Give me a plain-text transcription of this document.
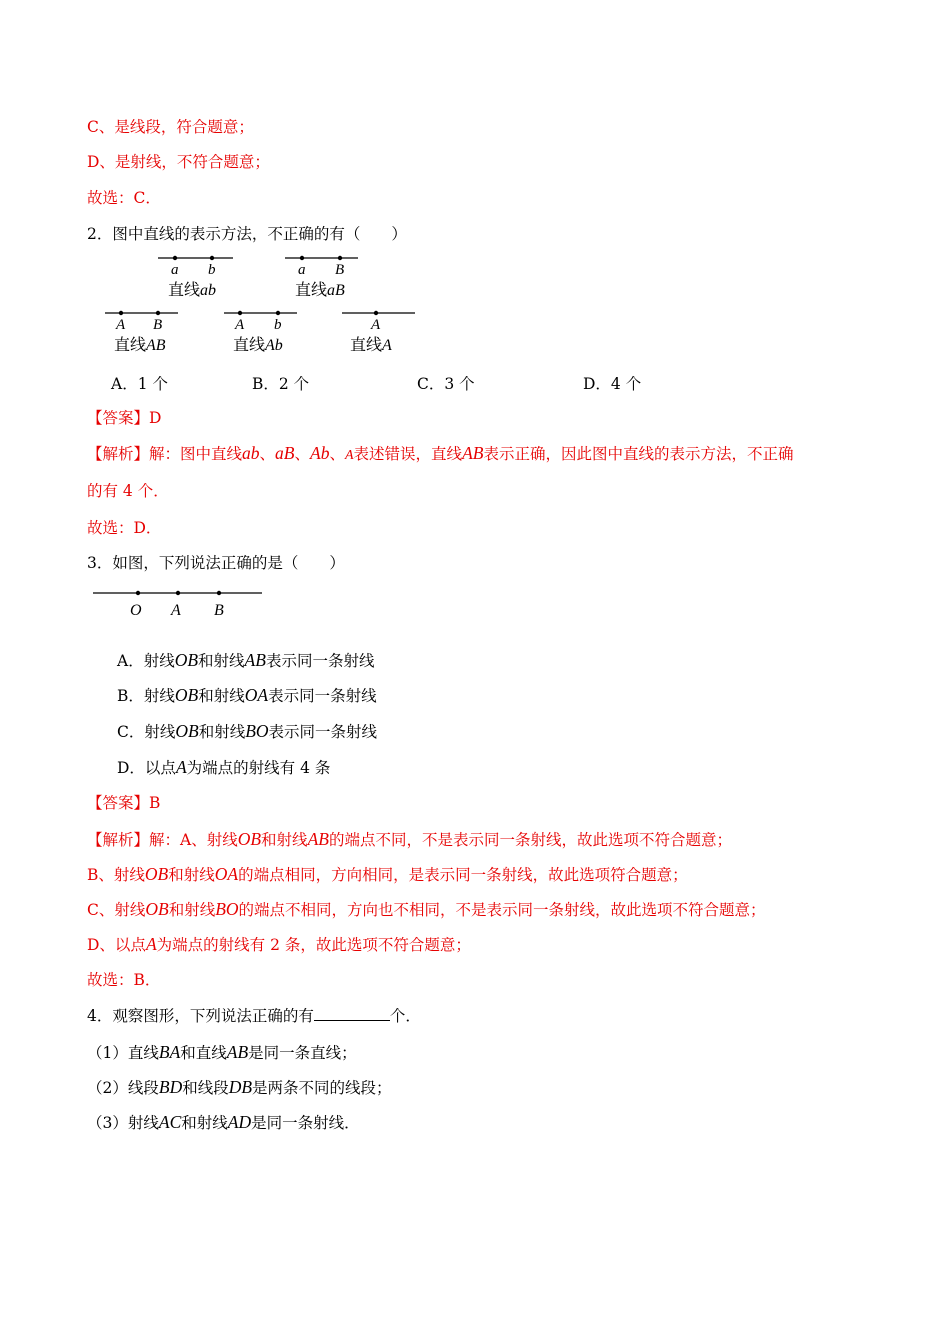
C、是线段，符合题意；
D、是射线，不符合题意；
故选：C．
2．图中直线的表示方法，不正确的有（　　）
a b
直线ab
a B
直线aB
A B
直线AB
A b
直线Ab
A
直线A
A．1 个	B．2 个	C．3 个	D．4 个
【答案】D
【解析】解：图中直线ab、aB、Ab、A表述错误，直线AB表示正确，因此图中直线的表示方法，不正确
的有 4 个．
故选：D．
3．如图，下列说法正确的是（　　）
O A B
A．射线OB和射线AB表示同一条射线
B．射线OB和射线OA表示同一条射线
C．射线OB和射线BO表示同一条射线
D．以点A为端点的射线有 4 条
【答案】B
【解析】解：A、射线OB和射线AB的端点不同，不是表示同一条射线，故此选项不符合题意；
B、射线OB和射线OA的端点相同，方向相同，是表示同一条射线，故此选项符合题意；
C、射线OB和射线BO的端点不相同，方向也不相同，不是表示同一条射线，故此选项不符合题意；
D、以点A为端点的射线有 2 条，故此选项不符合题意；
故选：B．
4．观察图形，下列说法正确的有	个．
（1）直线BA和直线AB是同一条直线；
（2）线段BD和线段DB是两条不同的线段；
（3）射线AC和射线AD是同一条射线．
